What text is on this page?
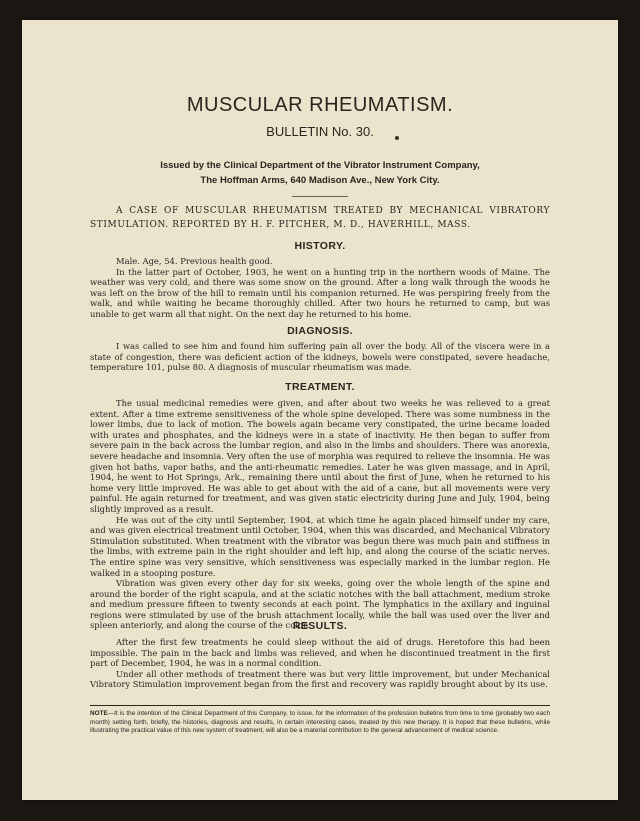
MUSCULAR RHEUMATISM.
BULLETIN No. 30.
Issued by the Clinical Department of the Vibrator Instrument Company,
The Hoffman Arms, 640 Madison Ave., New York City.
A CASE OF MUSCULAR RHEUMATISM TREATED BY MECHANICAL VIBRATORY STIMULATION. REPORTED BY H. F. PITCHER, M. D., HAVERHILL, MASS.
HISTORY.

Male. Age, 54. Previous health good.

In the latter part of October, 1903, he went on a hunting trip in the northern woods of Maine. The weather was very cold, and there was some snow on the ground. After a long walk through the woods he was left on the brow of the hill to remain until his companion returned. He was perspiring freely from the walk, and while waiting he became thoroughly chilled. After two hours he returned to camp, but was unable to get warm all that night. On the next day he returned to his home.

DIAGNOSIS.

I was called to see him and found him suffering pain all over the body. All of the viscera were in a state of congestion, there was deficient action of the kidneys, bowels were constipated, severe headache, temperature 101, pulse 80. A diagnosis of muscular rheumatism was made.

TREATMENT.

The usual medicinal remedies were given, and after about two weeks he was relieved to a great extent. After a time extreme sensitiveness of the whole spine developed. There was some numbness in the lower limbs, due to lack of motion. The bowels again became very constipated, the urine became loaded with urates and phosphates, and the kidneys were in a state of inactivity. He then began to suffer from severe pain in the back across the lumbar region, and also in the limbs and shoulders. There was anorexia, severe headache and insomnia. Very often the use of morphia was required to relieve the insomnia. He was given hot baths, vapor baths, and the anti-rheumatic remedies. Later he was given massage, and in April, 1904, he went to Hot Springs, Ark., remaining there until about the first of June, when he returned to his home very little improved. He was able to get about with the aid of a cane, but all movements were very painful. He again returned for treatment, and was given static electricity during June and July, 1904, being slightly improved as a result.

He was out of the city until September, 1904, at which time he again placed himself under my care, and was given electrical treatment until October, 1904, when this was discarded, and Mechanical Vibratory Stimulation substituted. When treatment with the vibrator was begun there was much pain and stiffness in the limbs, with extreme pain in the right shoulder and left hip, and along the course of the sciatic nerves. The entire spine was very sensitive, which sensitiveness was especially marked in the lumbar region. He walked in a stooping posture.

Vibration was given every other day for six weeks, going over the whole length of the spine and around the border of the right scapula, and at the sciatic notches with the ball attachment, medium stroke and medium pressure fifteen to twenty seconds at each point. The lymphatics in the axillary and inguinal regions were stimulated by use of the brush attachment locally, while the ball was used over the liver and spleen anteriorly, and along the course of the colon.

RESULTS.

After the first few treatments he could sleep without the aid of drugs. Heretofore this had been impossible. The pain in the back and limbs was relieved, and when he discontinued treatment in the first part of December, 1904, he was in a normal condition.

Under all other methods of treatment there was but very little improvement, but under Mechanical Vibratory Stimulation improvement began from the first and recovery was rapidly brought about by its use.

NOTE—It is the intention of the Clinical Department of this Company, to issue, for the information of the profession bulletins from time to time (probably two each month) setting forth, briefly, the histories, diagnosis and results, in certain interesting cases, treated by this new therapy. It is hoped that these bulletins, while illustrating the practical value of this new system of treatment, will also be a material contribution to the general advancement of medical science.
